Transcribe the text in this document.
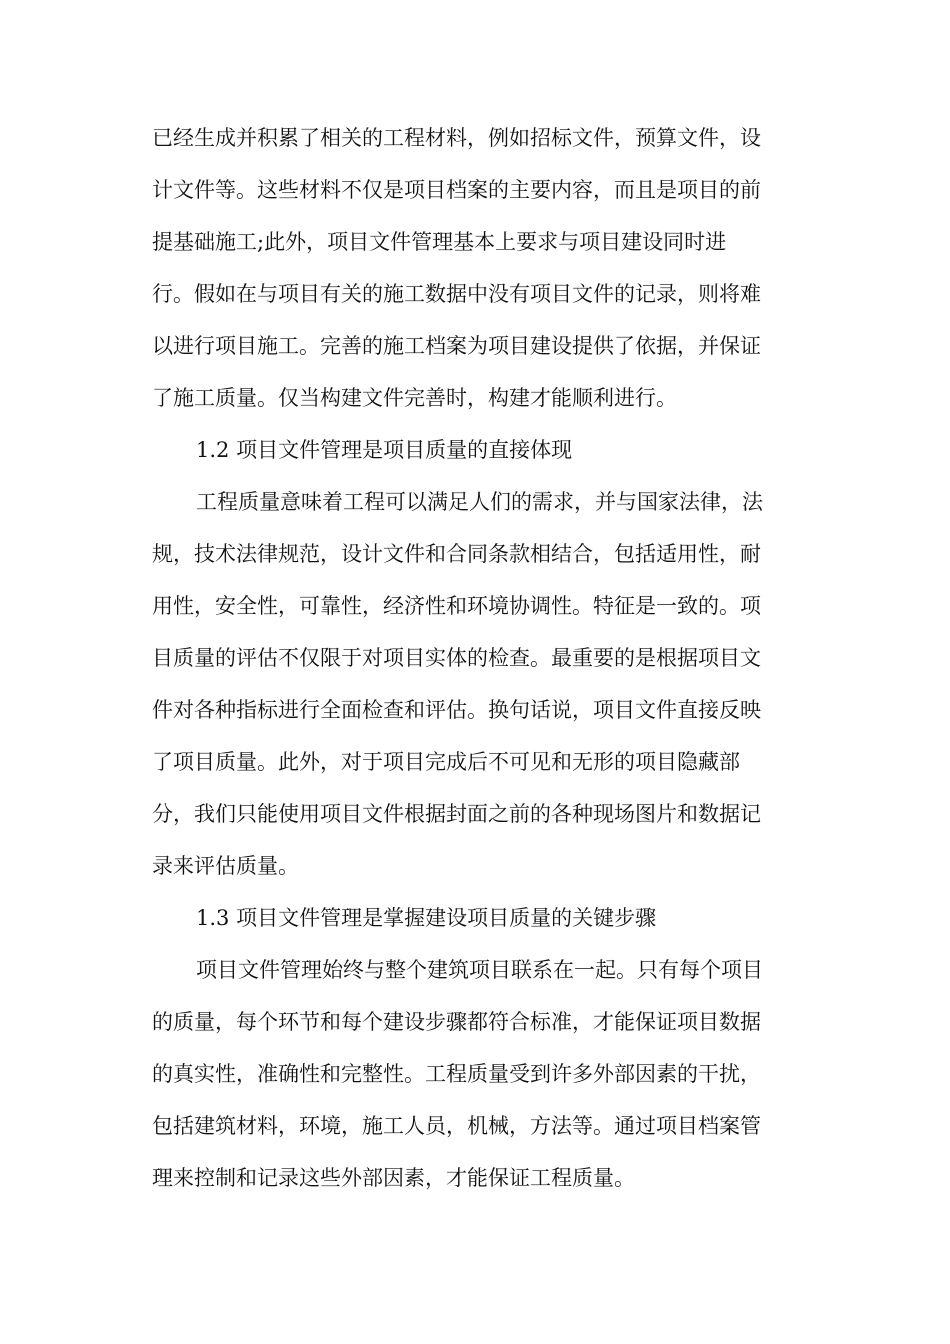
已经生成并积累了相关的工程材料，例如招标文件，预算文件，设
计文件等。这些材料不仅是项目档案的主要内容，而且是项目的前
提基础施工;此外，项目文件管理基本上要求与项目建设同时进
行。假如在与项目有关的施工数据中没有项目文件的记录，则将难
以进行项目施工。完善的施工档案为项目建设提供了依据，并保证
了施工质量。仅当构建文件完善时，构建才能顺利进行。
1.2 项目文件管理是项目质量的直接体现
工程质量意味着工程可以满足人们的需求，并与国家法律，法
规，技术法律规范，设计文件和合同条款相结合，包括适用性，耐
用性，安全性，可靠性，经济性和环境协调性。特征是一致的。项
目质量的评估不仅限于对项目实体的检查。最重要的是根据项目文
件对各种指标进行全面检查和评估。换句话说，项目文件直接反映
了项目质量。此外，对于项目完成后不可见和无形的项目隐藏部
分，我们只能使用项目文件根据封面之前的各种现场图片和数据记
录来评估质量。
1.3 项目文件管理是掌握建设项目质量的关键步骤
项目文件管理始终与整个建筑项目联系在一起。只有每个项目
的质量，每个环节和每个建设步骤都符合标准，才能保证项目数据
的真实性，准确性和完整性。工程质量受到许多外部因素的干扰，
包括建筑材料，环境，施工人员，机械，方法等。通过项目档案管
理来控制和记录这些外部因素，才能保证工程质量。
